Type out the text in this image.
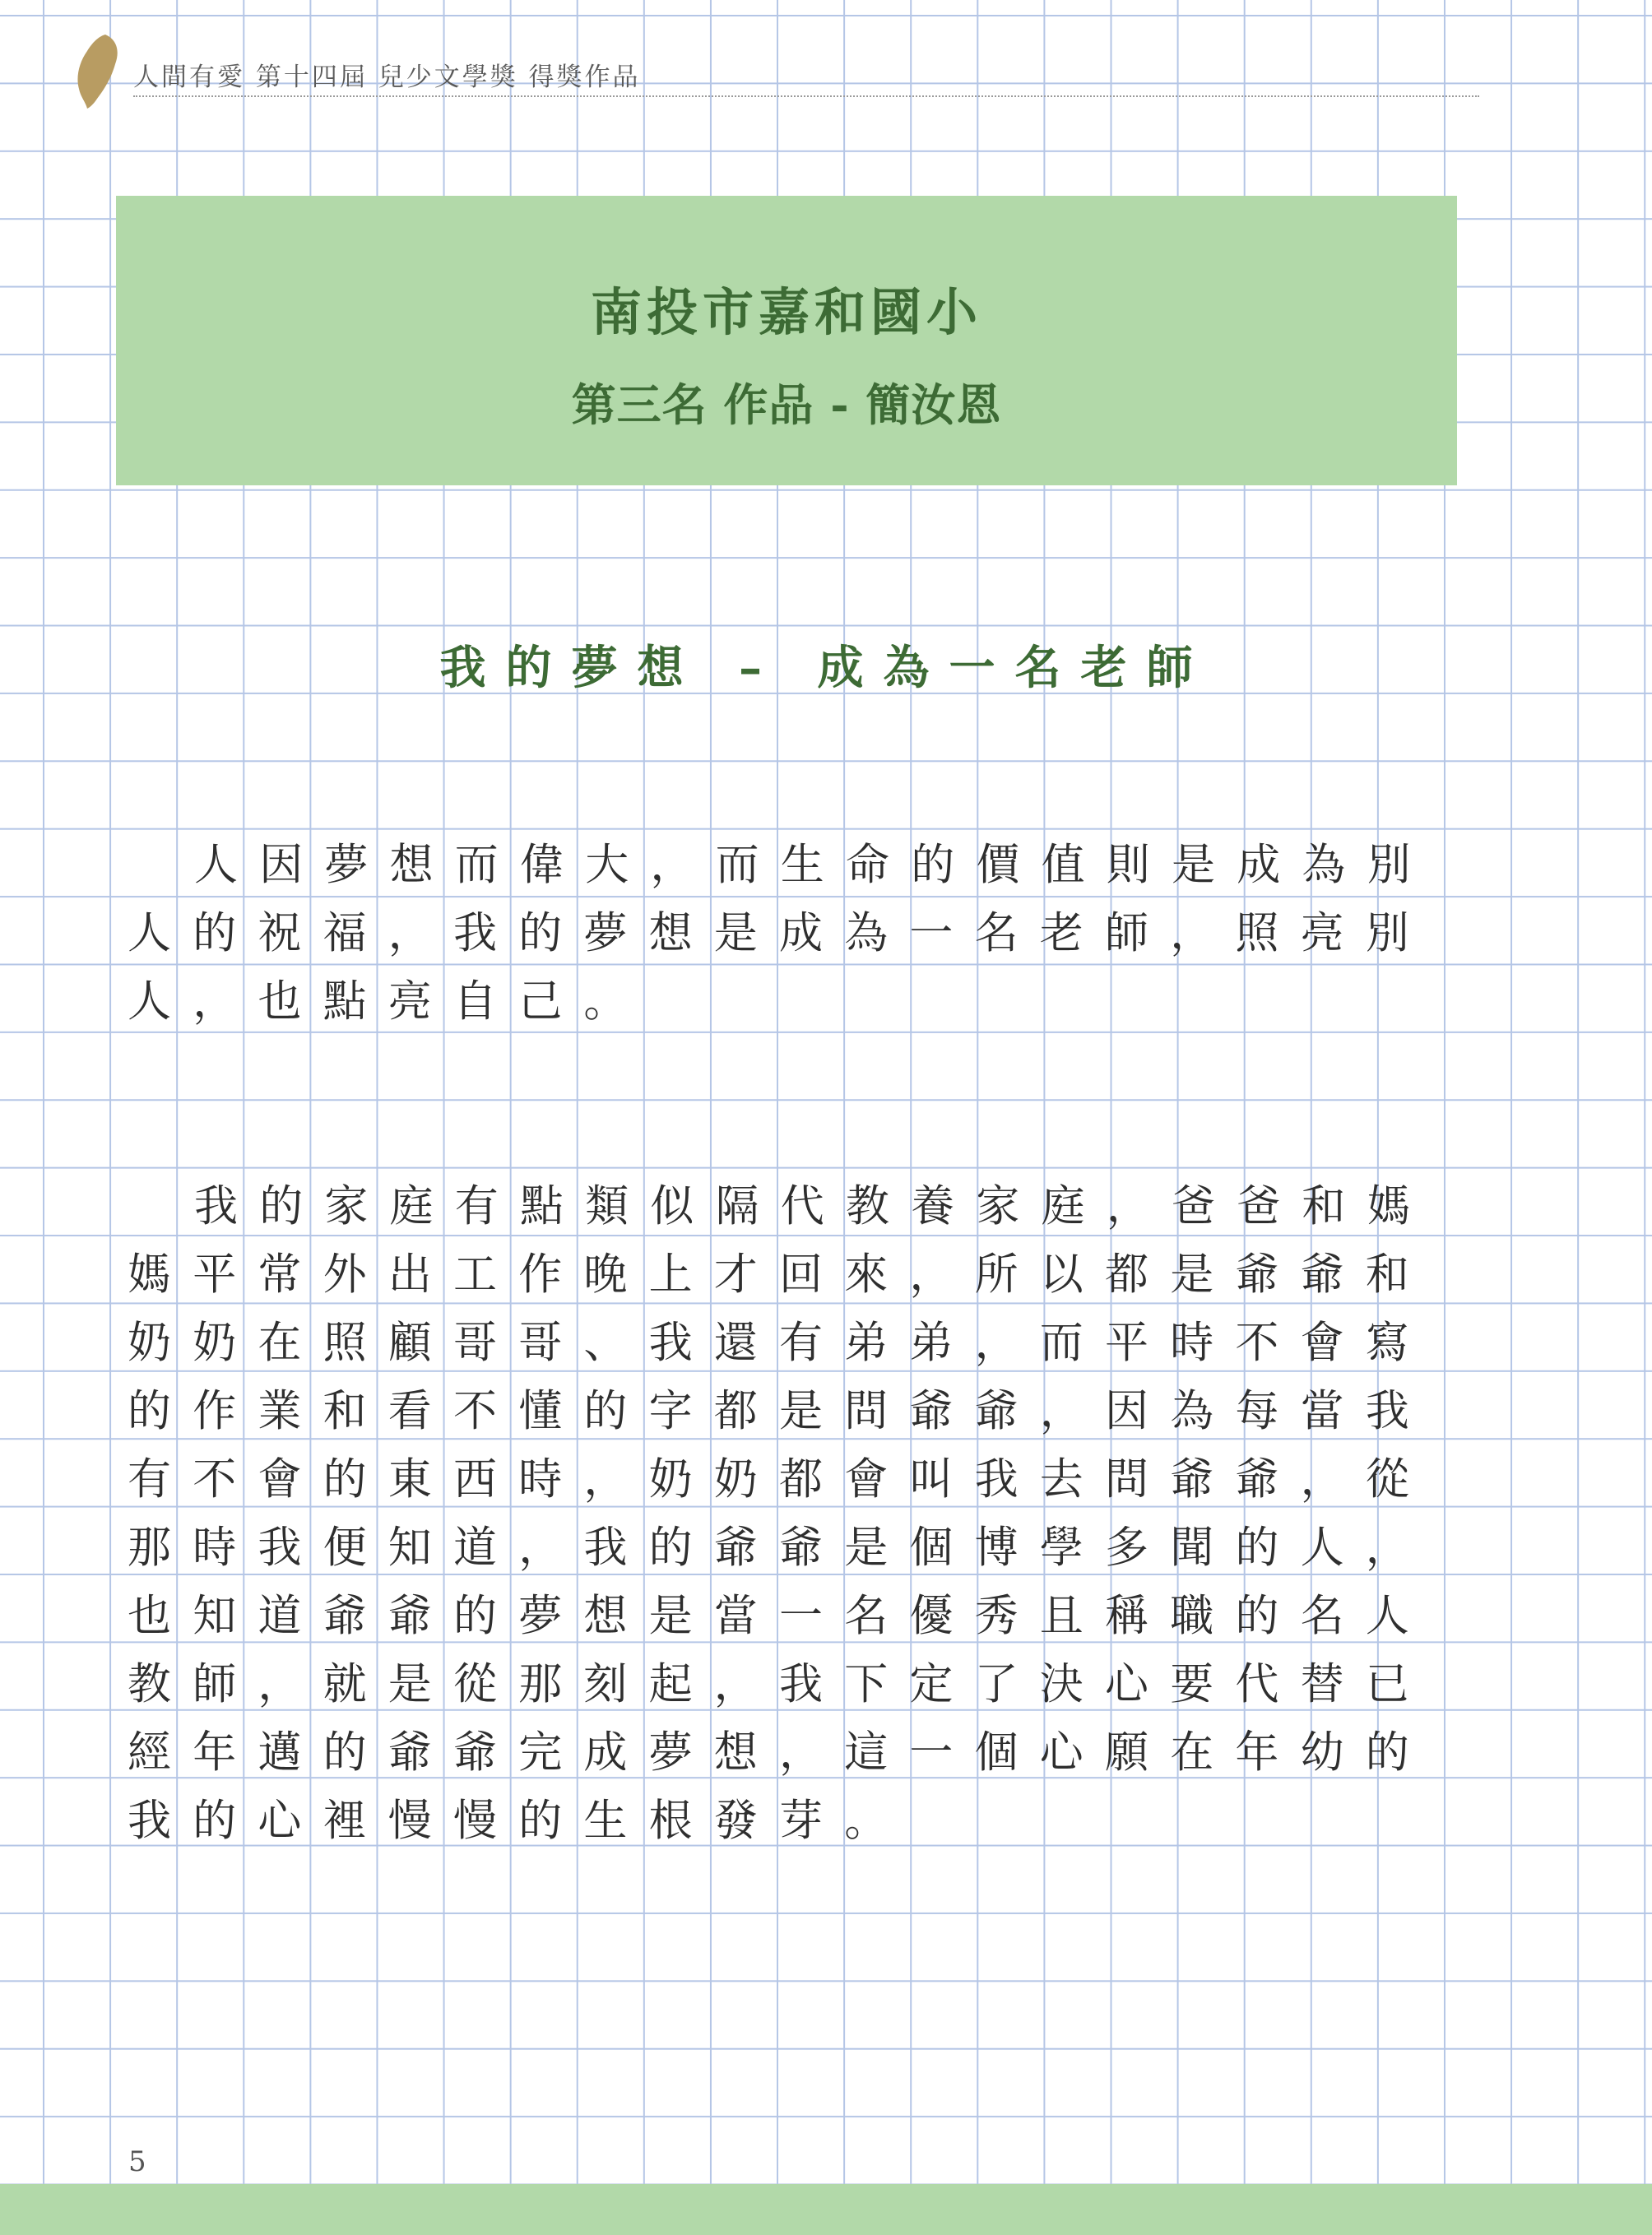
人間有愛 第十四屆 兒少文學獎 得獎作品
南投市嘉和國小
第三名 作品 - 簡汝恩
我的夢想 – 成為一名老師

人因夢想而偉大，而生命的價值則是成為別人的祝福，我的夢想是成為一名老師，照亮別人，也點亮自己。

我的家庭有點類似隔代教養家庭，爸爸和媽媽平常外出工作晚上才回來，所以都是爺爺和奶奶在照顧哥哥、我還有弟弟，而平時不會寫的作業和看不懂的字都是問爺爺，因為每當我有不會的東西時，奶奶都會叫我去問爺爺，從那時我便知道，我的爺爺是個博學多聞的人，也知道爺爺的夢想是當一名優秀且稱職的名人教師，就是從那刻起，我下定了決心要代替已經年邁的爺爺完成夢想，這一個心願在年幼的我的心裡慢慢的生根發芽。

5
